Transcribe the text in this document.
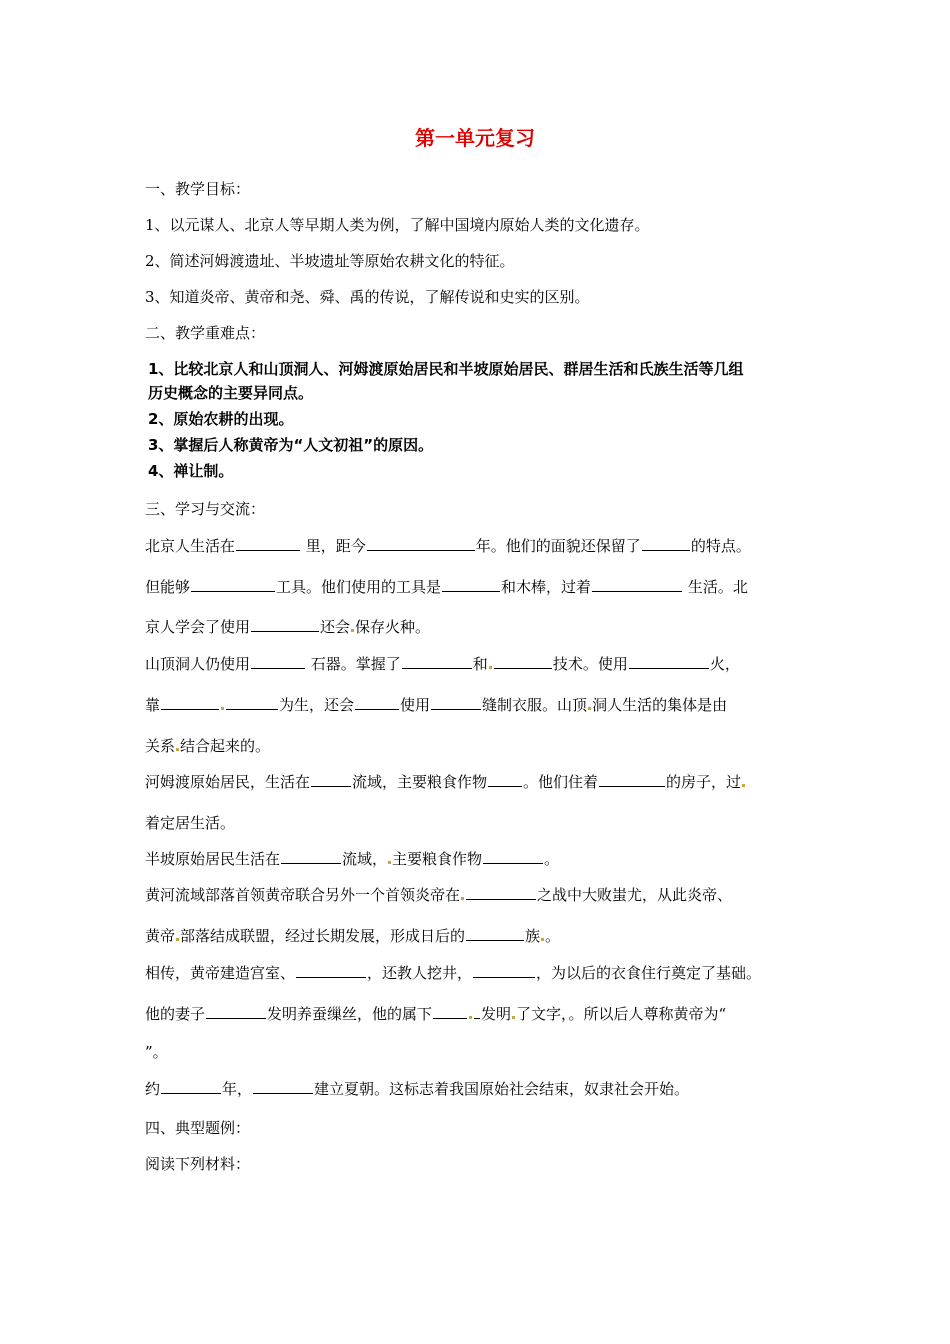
第一单元复习
一、教学目标：
1、以元谋人、北京人等早期人类为例，了解中国境内原始人类的文化遗存。
2、简述河姆渡遗址、半坡遗址等原始农耕文化的特征。
3、知道炎帝、黄帝和尧、舜、禹的传说，了解传说和史实的区别。
二、教学重难点：
1、比较北京人和山顶洞人、河姆渡原始居民和半坡原始居民、群居生活和氏族生活等几组
历史概念的主要异同点。
2、原始农耕的出现。
3、掌握后人称黄帝为“人文初祖”的原因。
4、禅让制。
三、学习与交流：
北京人生活在	里，距今	年。他们的面貌还保留了	的特点。
但能够	工具。他们使用的工具是	和木棒，过着	生活。北
京人学会了使用	还会 保存火种。
山顶洞人仍使用	石器。掌握了	和	技术。使用	火，
靠	为生，还会	使用	缝制衣服。山顶 洞人生活的集体是由
关系 结合起来的。
河姆渡原始居民，生活在	流域，主要粮食作物 。他们住着	的房子，过
着定居生活。
半坡原始居民生活在	流域， 主要粮食作物	。
黄河流域部落首领黄帝联合另外一个首领炎帝在	之战中大败蚩尤，从此炎帝、
黄帝 部落结成联盟，经过长期发展，形成日后的	族 。
相传，黄帝建造宫室、	，还教人挖井，	，为以后的衣食住行奠定了基础。
他的妻子	发明养蚕缫丝，他的属下	发明 了文字，。所以后人尊称黄帝为“
”。
约	年，	建立夏朝。这标志着我国原始社会结束，奴隶社会开始。
四、典型题例：
阅读下列材料：
